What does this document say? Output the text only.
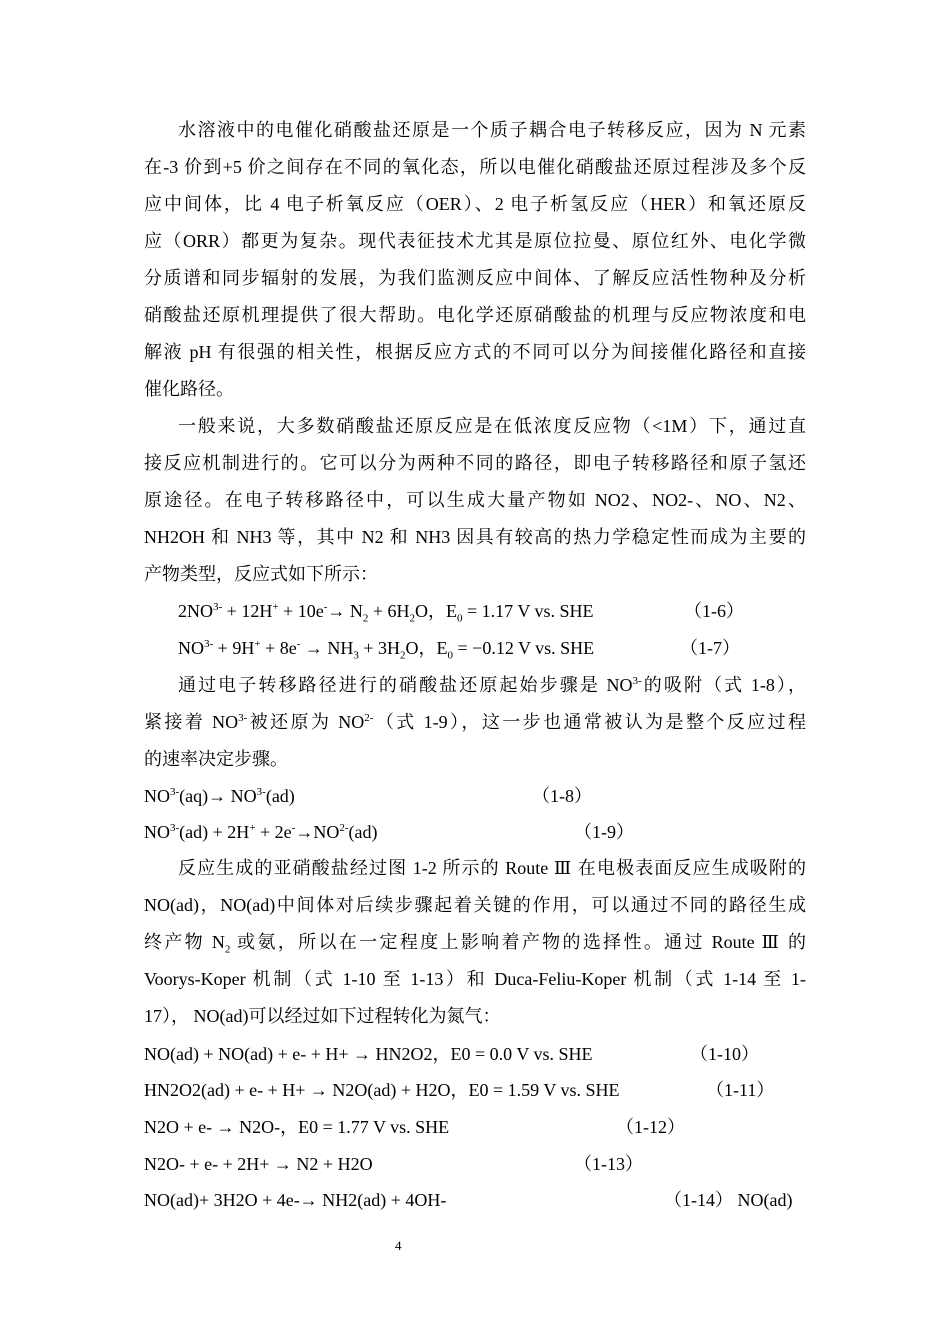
水溶液中的电催化硝酸盐还原是一个质子耦合电子转移反应，因为 N 元素
在-3 价到+5 价之间存在不同的氧化态，所以电催化硝酸盐还原过程涉及多个反
应中间体，比 4 电子析氧反应（OER）、2 电子析氢反应（HER）和氧还原反
应（ORR）都更为复杂。现代表征技术尤其是原位拉曼、原位红外、电化学微
分质谱和同步辐射的发展，为我们监测反应中间体、了解反应活性物种及分析
硝酸盐还原机理提供了很大帮助。电化学还原硝酸盐的机理与反应物浓度和电
解液 pH 有很强的相关性，根据反应方式的不同可以分为间接催化路径和直接
催化路径。
一般来说，大多数硝酸盐还原反应是在低浓度反应物（<1M）下，通过直
接反应机制进行的。它可以分为两种不同的路径，即电子转移路径和原子氢还
原途径。在电子转移路径中，可以生成大量产物如 NO2、NO2-、NO、N2、
NH2OH 和 NH3 等，其中 N2 和 NH3 因具有较高的热力学稳定性而成为主要的
产物类型，反应式如下所示：
$2NO^{3-} + 12H^+ + 10e^-\to N_2 + 6H_2O$，$E_0 = 1.17$ V vs. SHE	（1-6）
$NO^{3-} + 9H^+ + 8e^- \to NH_3 + 3H_2O$，$E_0 = -0.12$ V vs. SHE	（1-7）
通过电子转移路径进行的硝酸盐还原起始步骤是 $NO^{3-}$的吸附（式 1-8），
紧接着 $NO^{3-}$被还原为 $NO^{2-}$（式 1-9），这一步也通常被认为是整个反应过程
的速率决定步骤。
$NO^{3-}(aq)\to NO^{3-}(ad)$	（1-8）
$NO^{3-}(ad) + 2H^+ + 2e^-\to NO^{2-}(ad)$	（1-9）
反应生成的亚硝酸盐经过图 1-2 所示的 Route Ⅲ 在电极表面反应生成吸附的
NO(ad)，NO(ad)中间体对后续步骤起着关键的作用，可以通过不同的路径生成
终产物 $N_2$ 或氨，所以在一定程度上影响着产物的选择性。通过 Route Ⅲ 的
Voorys-Koper 机制（式 1-10 至 1-13）和 Duca-Feliu-Koper 机制（式 1-14 至 1-
17）， NO(ad)可以经过如下过程转化为氮气：
NO(ad) + NO(ad) + e- + H+ → HN2O2，E0 = 0.0 V vs. SHE	（1-10）
HN2O2(ad) + e- + H+ → N2O(ad) + H2O，E0 = 1.59 V vs. SHE	（1-11）
N2O + e- → N2O-，E0 = 1.77 V vs. SHE	（1-12）
N2O- + e- + 2H+ → N2 + H2O	（1-13）
NO(ad)+ 3H2O + 4e-→ NH2(ad) + 4OH-	（1-14） NO(ad)
4
